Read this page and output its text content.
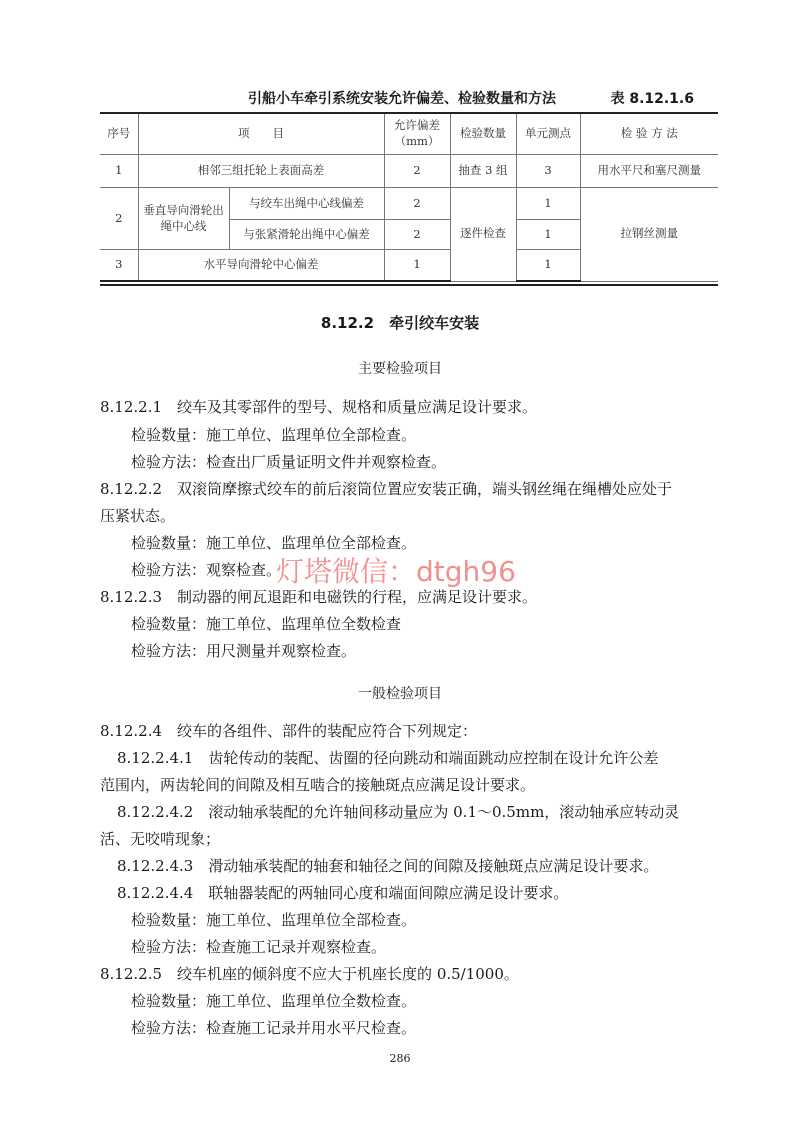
引船小车牵引系统安装允许偏差、检验数量和方法	表 8.12.1.6
序号	项　　目		允许偏差（mm）	检验数量	单元测点	检 验 方 法
1	相邻三组托轮上表面高差		2	抽查 3 组	3	用水平尺和塞尺测量
2	垂直导向滑轮出绳中心线	与绞车出绳中心线偏差	2	逐件检查	1	拉钢丝测量
		与张紧滑轮出绳中心偏差	2		1	
3	水平导向滑轮中心偏差		1		1	
8.12.2　牵引绞车安装
主要检验项目
8.12.2.1　 绞车及其零部件的型号、规格和质量应满足设计要求。
检验数量：施工单位、监理单位全部检查。
检验方法：检查出厂质量证明文件并观察检查。
8.12.2.2　 双滚筒摩擦式绞车的前后滚筒位置应安装正确，端头钢丝绳在绳槽处应处于
压紧状态。
检验数量：施工单位、监理单位全部检查。
检验方法：观察检查。
8.12.2.3　 制动器的闸瓦退距和电磁铁的行程，应满足设计要求。
检验数量：施工单位、监理单位全数检查
检验方法：用尺测量并观察检查。
一般检验项目
8.12.2.4　 绞车的各组件、部件的装配应符合下列规定：
8.12.2.4.1　 齿轮传动的装配、齿圈的径向跳动和端面跳动应控制在设计允许公差
范围内，两齿轮间的间隙及相互啮合的接触斑点应满足设计要求。
8.12.2.4.2　 滚动轴承装配的允许轴间移动量应为 0.1～0.5mm，滚动轴承应转动灵
活、无咬啃现象；
8.12.2.4.3　 滑动轴承装配的轴套和轴径之间的间隙及接触斑点应满足设计要求。
8.12.2.4.4　 联轴器装配的两轴同心度和端面间隙应满足设计要求。
检验数量：施工单位、监理单位全部检查。
检验方法：检查施工记录并观察检查。
8.12.2.5　 绞车机座的倾斜度不应大于机座长度的 0.5/1000。
检验数量：施工单位、监理单位全数检查。
检验方法：检查施工记录并用水平尺检查。
灯塔微信：dtgh96
286
